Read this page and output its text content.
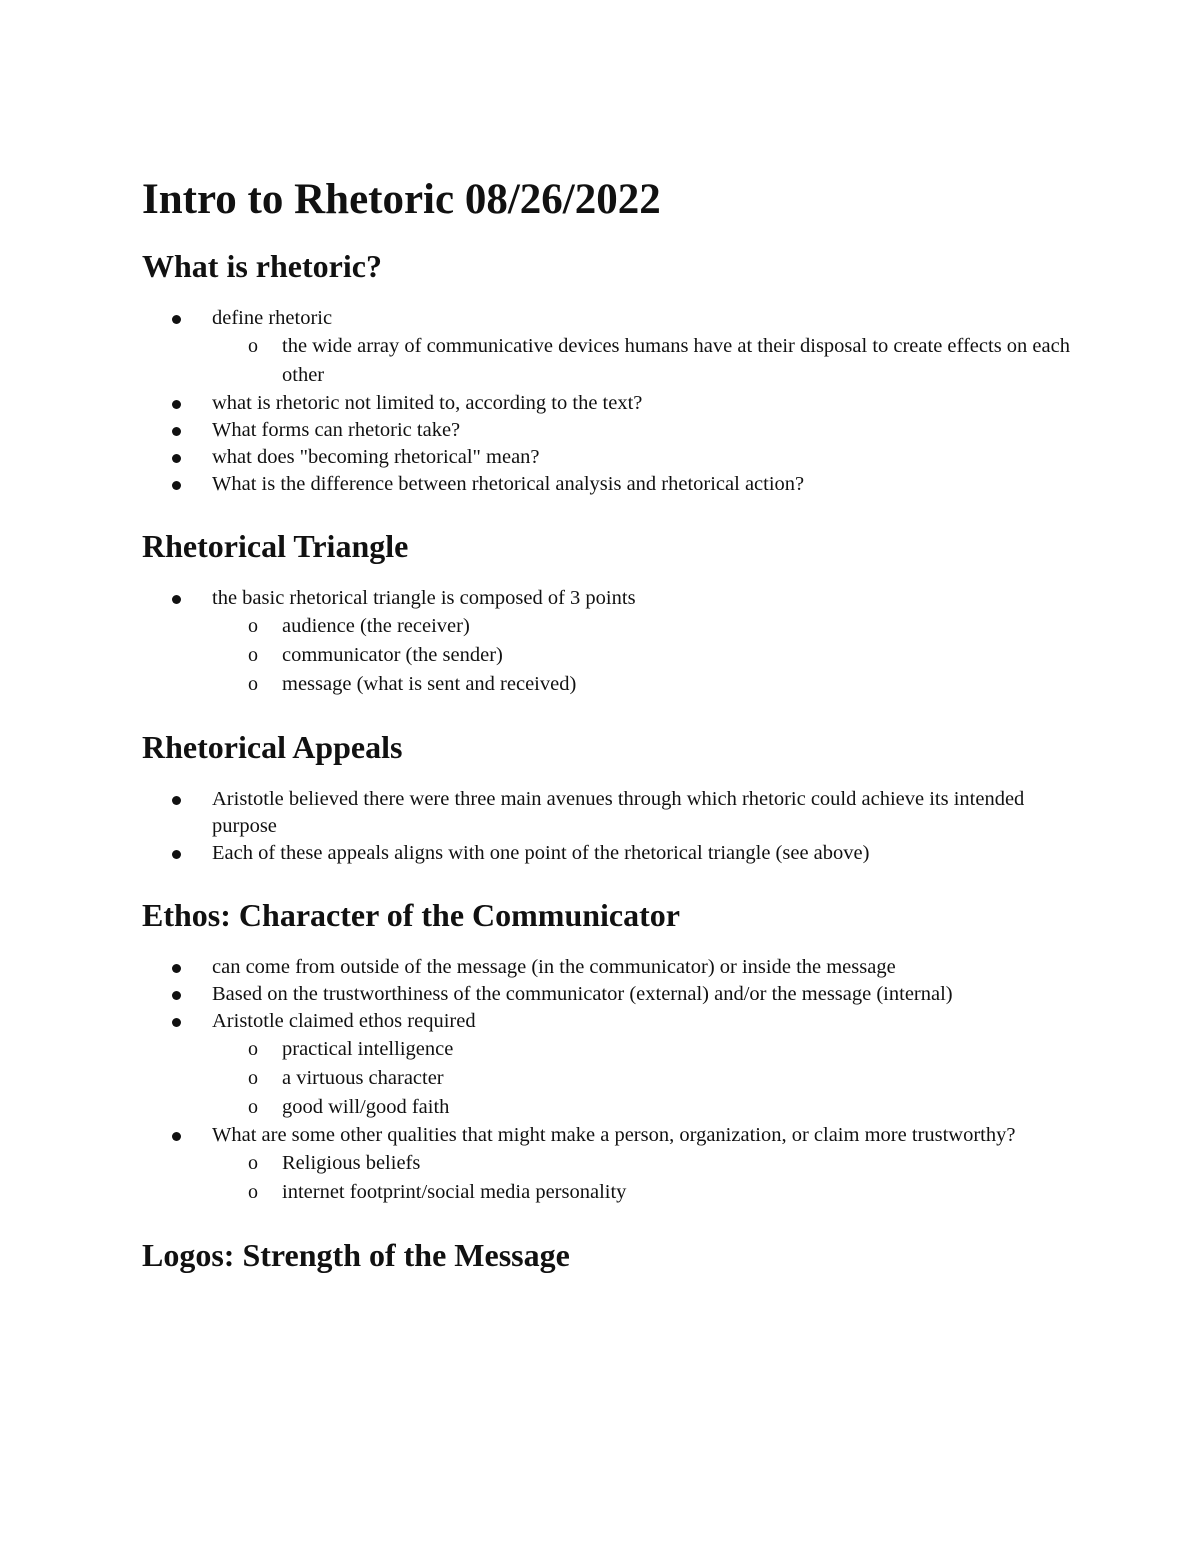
Intro to Rhetoric 08/26/2022
What is rhetoric?
define rhetoric
o the wide array of communicative devices humans have at their disposal to create effects on each other
what is rhetoric not limited to, according to the text?
What forms can rhetoric take?
what does "becoming rhetorical" mean?
What is the difference between rhetorical analysis and rhetorical action?
Rhetorical Triangle
the basic rhetorical triangle is composed of 3 points
o audience (the receiver)
o communicator (the sender)
o message (what is sent and received)
Rhetorical Appeals
Aristotle believed there were three main avenues through which rhetoric could achieve its intended purpose
Each of these appeals aligns with one point of the rhetorical triangle (see above)
Ethos: Character of the Communicator
can come from outside of the message (in the communicator) or inside the message
Based on the trustworthiness of the communicator (external) and/or the message (internal)
Aristotle claimed ethos required
o practical intelligence
o a virtuous character
o good will/good faith
What are some other qualities that might make a person, organization, or claim more trustworthy?
o Religious beliefs
o internet footprint/social media personality
Logos: Strength of the Message
